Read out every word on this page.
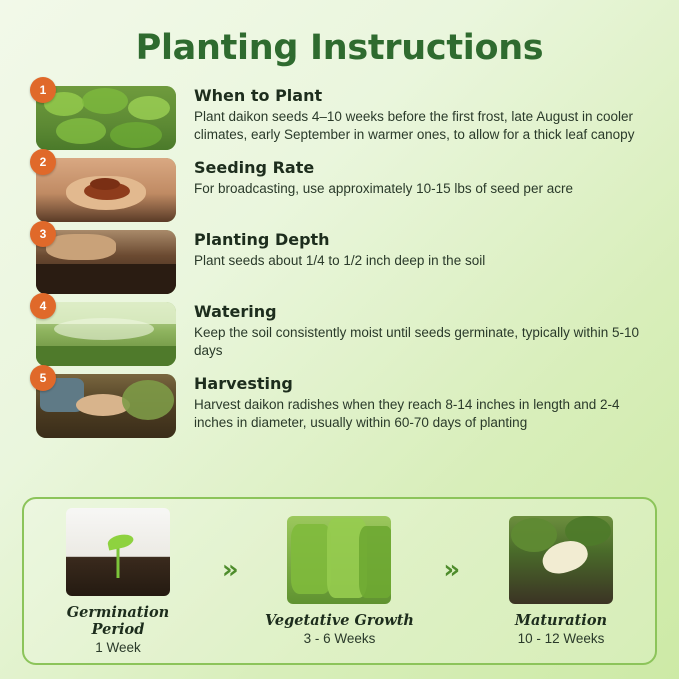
Planting Instructions
1	When to Plant

Plant daikon seeds 4–10 weeks before the first frost, late August in cooler climates, early September in warmer ones, to allow for a thick leaf canopy

2	Seeding Rate

For broadcasting, use approximately 10-15 lbs of seed per acre

3	Planting Depth

Plant seeds about 1/4 to 1/2 inch deep in the soil

4	Watering

Keep the soil consistently moist until seeds germinate, typically within 5-10 days

5	Harvesting

Harvest daikon radishes when they reach 8-14 inches in length and 2-4 inches in diameter, usually within 60-70 days of planting

Germination Period
1 Week
»
Vegetative Growth
3 - 6 Weeks
»
Maturation
10 - 12 Weeks
